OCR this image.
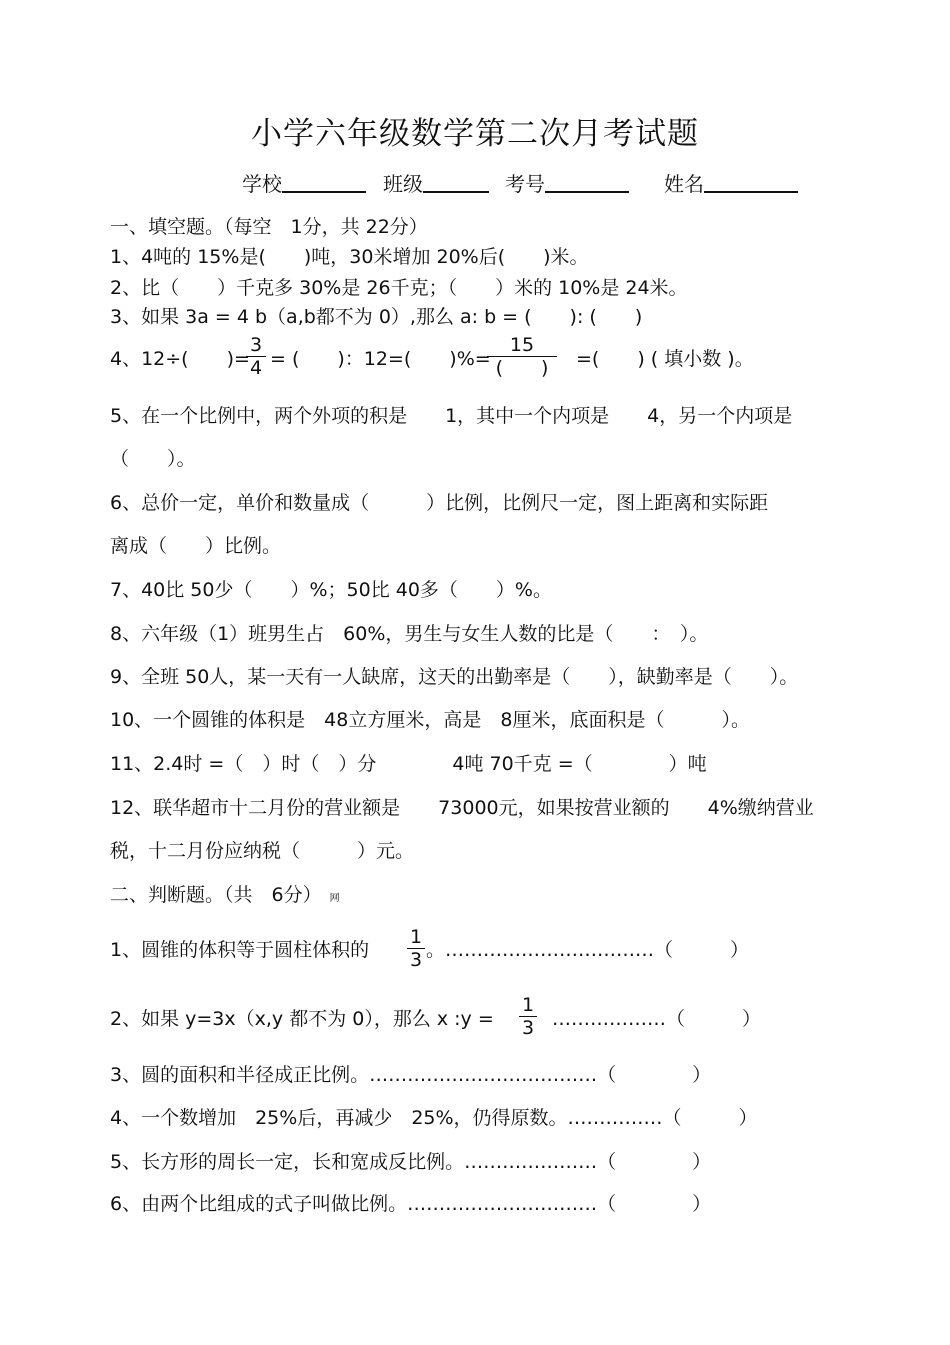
小学六年级数学第二次月考试题
学校	班级	考号	姓名
一、填空题。（每空　1分，共 22分）
1、4吨的 15%是(　　)吨，30米增加 20%后(　　)米。
2、比（　　）千克多 30%是 26千克；（　　）米的 10%是 24米。
3、如果 3a = 4 b（a,b都不为 0）,那么 a: b = (　　): (　　)
4、12÷(　　)=
$\frac{3}{4}$ = (　　)：12=(　　)%=
15
(　　)	=(　　) ( 填小数 )。
5、在一个比例中，两个外项的积是　　1，其中一个内项是　　4，另一个内项是
（　　）。
6、总价一定，单价和数量成（　　　）比例，比例尺一定，图上距离和实际距
离成（　　）比例。
7、40比 50少（　　）%；50比 40多（　　）%。
8、六年级（1）班男生占　60%，男生与女生人数的比是（　　：　）。
9、全班 50人，某一天有一人缺席，这天的出勤率是（　　），缺勤率是（　　）。
10、一个圆锥的体积是　48立方厘米，高是　8厘米，底面积是（　　　）。
11、2.4时 =（　）时（　）分　　　　4吨 70千克 =（　　　　）吨
12、联华超市十二月份的营业额是　　73000元，如果按营业额的　　4%缴纳营业
税，十二月份应纳税（　　　）元。
二、判断题。（共　6分） 网
1、圆锥的体积等于圆柱体积的 $\frac{1}{3}$ 。……………………………（　　　）
2、如果 y=3x（x,y 都不为 0），那么 x :y = $\frac{1}{3}$ ………………（　　　）
3、圆的面积和半径成正比例。………………………………（　　　　）
4、一个数增加　25%后，再减少　25%，仍得原数。……………（　　　）
5、长方形的周长一定，长和宽成反比例。…………………（　　　　）
6、由两个比组成的式子叫做比例。…………………………（　　　　）
